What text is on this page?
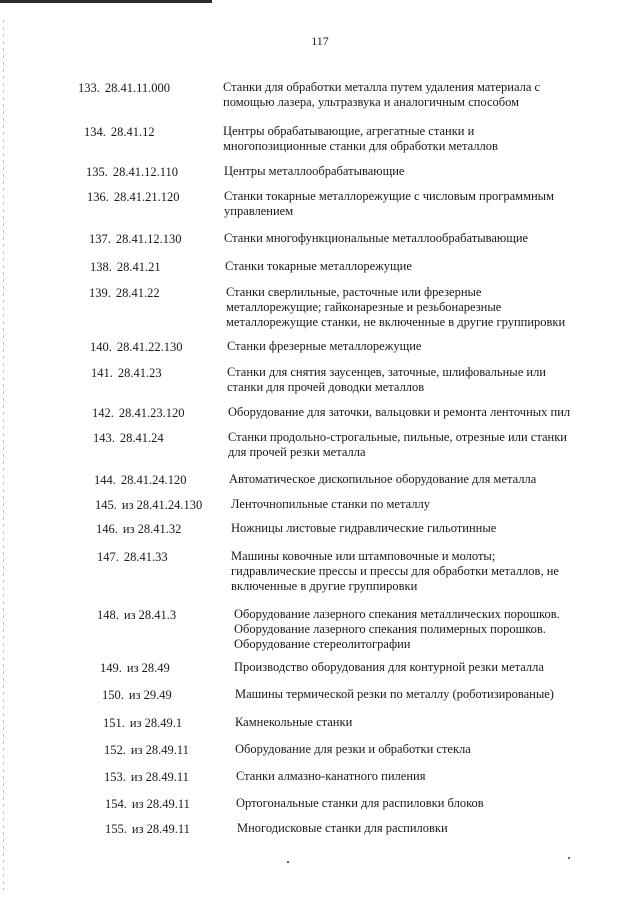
117
133. 28.41.11.000	Станки для обработки металла путем удаления материала с
помощью лазера, ультразвука и аналогичным способом
134. 28.41.12	Центры обрабатывающие, агрегатные станки и
многопозиционные станки для обработки металлов
135. 28.41.12.110	Центры металлообрабатывающие
136. 28.41.21.120	Станки токарные металлорежущие с числовым программным
управлением
137. 28.41.12.130	Станки многофункциональные металлообрабатывающие
138. 28.41.21	Станки токарные металлорежущие
139. 28.41.22	Станки сверлильные, расточные или фрезерные
металлорежущие; гайконарезные и резьбонарезные
металлорежущие станки, не включенные в другие группировки
140. 28.41.22.130	Станки фрезерные металлорежущие
141. 28.41.23	Станки для снятия заусенцев, заточные, шлифовальные или
станки для прочей доводки металлов
142. 28.41.23.120	Оборудование для заточки, вальцовки и ремонта ленточных пил
143. 28.41.24	Станки продольно-строгальные, пильные, отрезные или станки
для прочей резки металла
144. 28.41.24.120	Автоматическое дископильное оборудование для металла
145. из 28.41.24.130 Ленточнопильные станки по металлу
146. из 28.41.32	Ножницы листовые гидравлические гильотинные
147. 28.41.33	Машины ковочные или штамповочные и молоты;
гидравлические прессы и прессы для обработки металлов, не
включенные в другие группировки
148. из 28.41.3	Оборудование лазерного спекания металлических порошков.
Оборудование лазерного спекания полимерных порошков.
Оборудование стереолитографии
149. из 28.49	Производство оборудования для контурной резки металла
150. из 29.49	Машины термической резки по металлу (роботизированые)
151. из 28.49.1	Камнекольные станки
152. из 28.49.11	Оборудование для резки и обработки стекла
153. из 28.49.11	Станки алмазно-канатного пиления
154. из 28.49.11	Ортогональные станки для распиловки блоков
155. из 28.49.11	Многодисковые станки для распиловки
